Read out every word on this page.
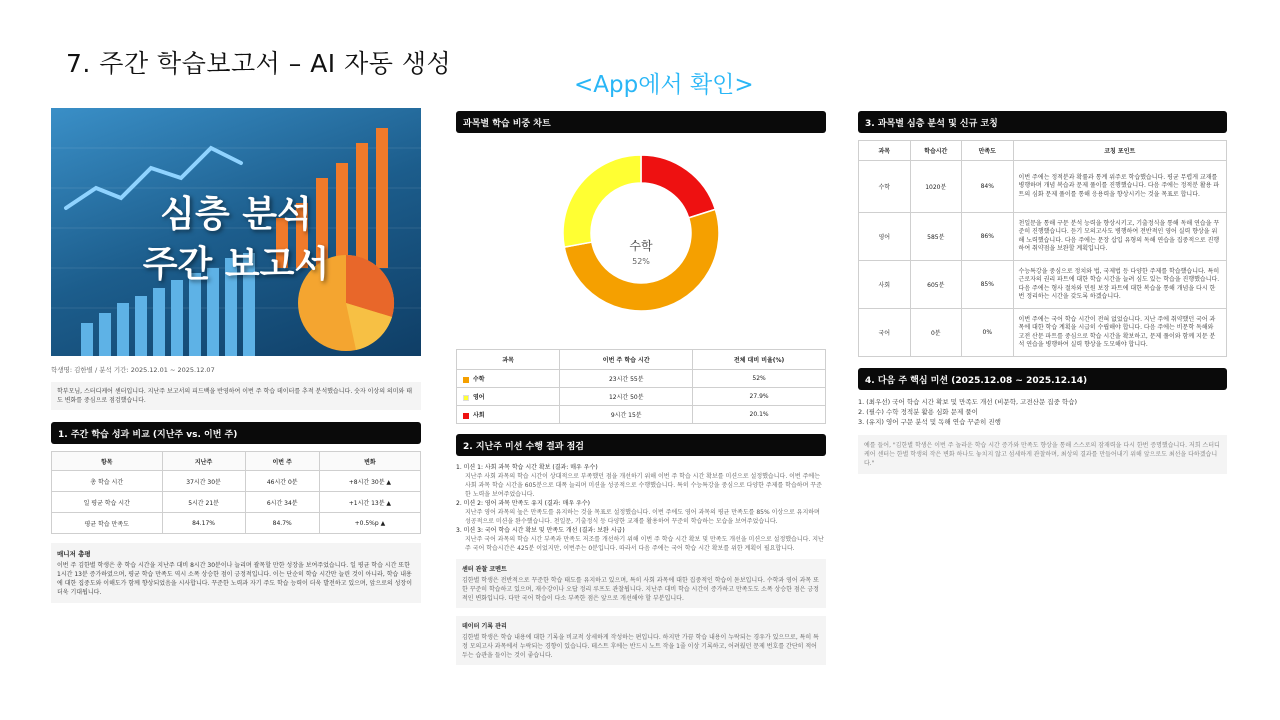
7. 주간 학습보고서 – AI 자동 생성
<App에서 확인>
심층 분석
주간 보고서
학생명: 김한별 / 분석 기간: 2025.12.01 ~ 2025.12.07
학부모님, 스터디케어 센터입니다. 지난주 보고서의 피드백을 반영하여 이번 주 학습 데이터를 추적 분석했습니다. 숫자 이상의 의미와 태도 변화를 중심으로 점검했습니다.
1. 주간 학습 성과 비교 (지난주 vs. 이번 주)
항목	지난주	이번 주	변화
총 학습 시간	37시간 30분	46시간 0분	+8시간 30분 ▲
일 평균 학습 시간	5시간 21분	6시간 34분	+1시간 13분 ▲
평균 학습 만족도	84.17%	84.7%	+0.5%p ▲
매니저 총평
이번 주 김한별 학생은 총 학습 시간을 지난주 대비 8시간 30분이나 늘리며 괄목할 만한 성장을 보여주었습니다. 일 평균 학습 시간 또한 1시간 13분 증가하였으며, 평균 학습 만족도 역시 소폭 상승한 점이 긍정적입니다. 이는 단순히 학습 시간만 늘린 것이 아니라, 학습 내용에 대한 집중도와 이해도가 함께 향상되었음을 시사합니다. 꾸준한 노력과 자기 주도 학습 능력이 더욱 발전하고 있으며, 앞으로의 성장이 더욱 기대됩니다.
과목별 학습 비중 차트
수학
52%
과목	이번 주 학습 시간	전체 대비 비율(%)
수학	23시간 55분	52%
영어	12시간 50분	27.9%
사회	9시간 15분	20.1%
2. 지난주 미션 수행 결과 점검
1. 미션 1: 사회 과목 학습 시간 확보 (결과: 매우 우수)
지난주 사회 과목의 학습 시간이 상대적으로 부족했던 점을 개선하기 위해 이번 주 학습 시간 확보를 미션으로 설정했습니다. 이번 주에는 사회 과목 학습 시간을 605분으로 대폭 늘리며 미션을 성공적으로 수행했습니다. 특히 수능특강을 중심으로 다양한 주제를 학습하며 꾸준한 노력을 보여주었습니다.
2. 미션 2: 영어 과목 만족도 유지 (결과: 매우 우수)
지난주 영어 과목의 높은 만족도를 유지하는 것을 목표로 설정했습니다. 이번 주에도 영어 과목의 평균 만족도를 85% 이상으로 유지하며 성공적으로 미션을 완수했습니다. 천일문, 기출정식 등 다양한 교재를 활용하여 꾸준히 학습하는 모습을 보여주었습니다.
3. 미션 3: 국어 학습 시간 확보 및 만족도 개선 (결과: 보완 시급)
지난주 국어 과목의 학습 시간 부족과 만족도 저조를 개선하기 위해 이번 주 학습 시간 확보 및 만족도 개선을 미션으로 설정했습니다. 지난주 국어 학습시간은 425분 이었지만, 이번주는 0분입니다. 따라서 다음 주에는 국어 학습 시간 확보를 위한 계획이 필요합니다.
센터 관찰 코멘트
김한별 학생은 전반적으로 꾸준한 학습 태도를 유지하고 있으며, 특히 사회 과목에 대한 집중적인 학습이 돋보입니다. 수학과 영어 과목 또한 꾸준히 학습하고 있으며, 재수강이나 오답 정리 루프도 관찰됩니다. 지난주 대비 학습 시간이 증가하고 만족도도 소폭 상승한 점은 긍정적인 변화입니다. 다만 국어 학습이 다소 부족한 점은 앞으로 개선해야 할 부분입니다.
데이터 기록 관리
김한별 학생은 학습 내용에 대한 기록을 비교적 상세하게 작성하는 편입니다. 하지만 가끔 학습 내용이 누락되는 경우가 있으므로, 특히 특정 모의고사 과목에서 누락되는 경향이 있습니다. 테스트 후에는 반드시 노트 작을 1줄 이상 기록하고, 어려웠던 문제 번호를 간단히 적어두는 습관을 들이는 것이 좋습니다.
3. 과목별 심층 분석 및 신규 코칭
과목	학습시간	만족도	코칭 포인트
수학	1020분	84%	이번 주에는 정적분과 확률과 통계 위주로 학습했습니다. 평균 무렵게 교재를 병행하며 개념 복습과 문제 풀이를 진행했습니다. 다음 주에는 정적분 활용 파트의 심화 문제 풀이를 통해 응용력을 향상시키는 것을 목표로 합니다.
영어	585분	86%	천일문을 통해 구문 분석 능력을 향상시키고, 기출정식을 통해 독해 연습을 꾸준히 진행했습니다. 듣기 모의고사도 병행하여 전반적인 영어 실력 향상을 위해 노력했습니다. 다음 주에는 문장 삽입 유형의 독해 연습을 집중적으로 진행하여 취약점을 보완할 계획입니다.
사회	605분	85%	수능특강을 중심으로 정치와 법, 국제법 등 다양한 주제를 학습했습니다. 특히 근로자의 권리 파트에 대한 학습 시간을 늘려 심도 있는 학습을 진행했습니다. 다음 주에는 형사 절차와 민원 보장 파트에 대한 복습을 통해 개념을 다시 한번 정리하는 시간을 갖도록 하겠습니다.
국어	0분	0%	이번 주에는 국어 학습 시간이 전혀 없었습니다. 지난 주에 취약했던 국어 과목에 대한 학습 계획을 시급히 수립해야 합니다. 다음 주에는 비문학 독해와 고전 산문 파트를 중심으로 학습 시간을 확보하고, 문제 풀이와 함께 지문 분석 연습을 병행하여 실력 향상을 도모해야 합니다.
4. 다음 주 핵심 미션 (2025.12.08 ~ 2025.12.14)
1. (최우선) 국어 학습 시간 확보 및 만족도 개선 (비문학, 고전산문 집중 학습)
2. (필수) 수학 정적분 활용 심화 문제 풀이
3. (유지) 영어 구문 분석 및 독해 연습 꾸준히 진행
예를 들어, "김한별 학생은 이번 주 놀라운 학습 시간 증가와 만족도 향상을 통해 스스로의 잠재력을 다시 한번 증명했습니다. 저희 스터디케어 센터는 한별 학생의 작은 변화 하나도 놓치지 않고 섬세하게 관찰하며, 최상의 결과를 만들어내기 위해 앞으로도 최선을 다하겠습니다."
